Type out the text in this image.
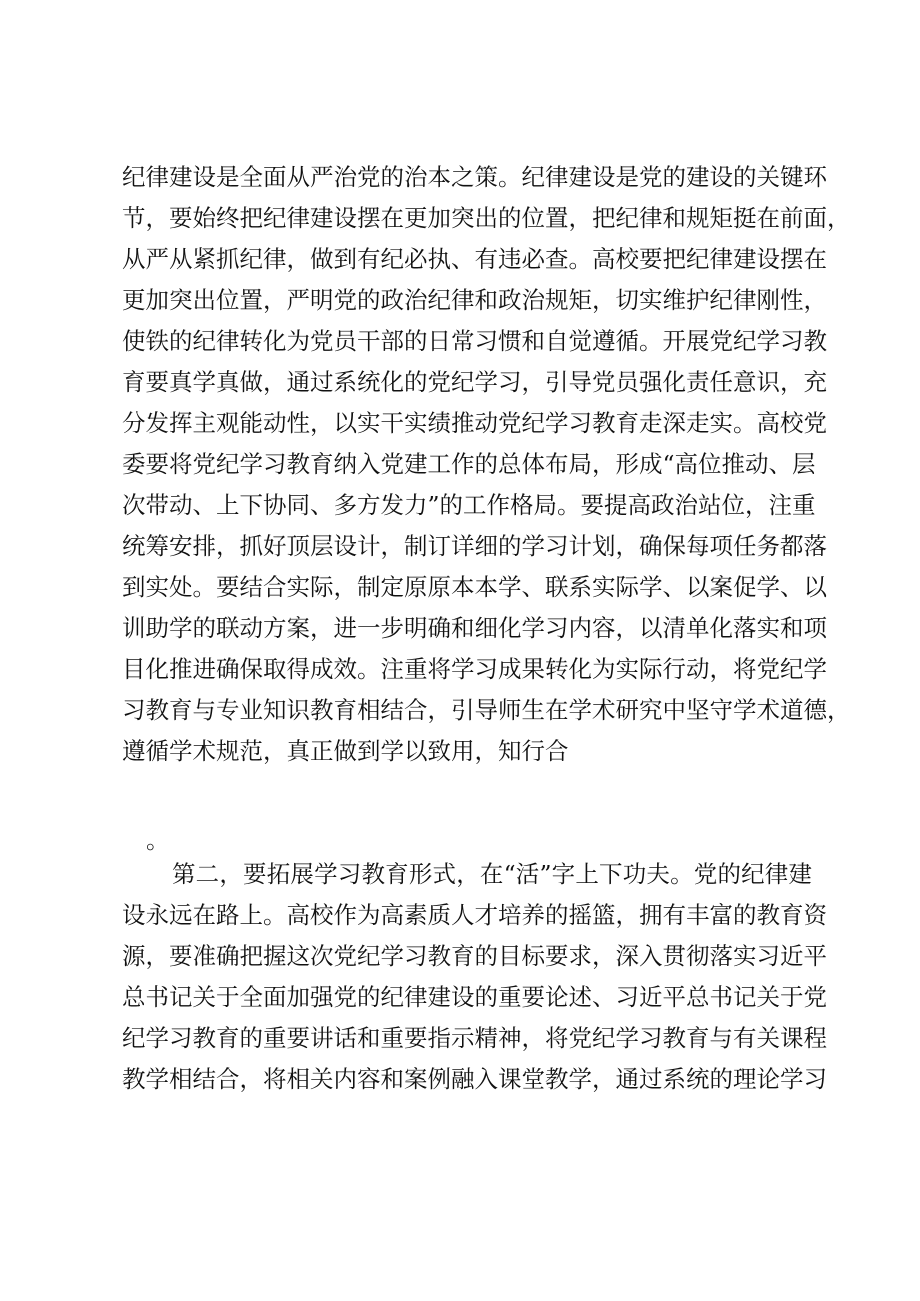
纪律建设是全面从严治党的治本之策。纪律建设是党的建设的关键环
节，要始终把纪律建设摆在更加突出的位置，把纪律和规矩挺在前面，
从严从紧抓纪律，做到有纪必执、有违必查。高校要把纪律建设摆在
更加突出位置，严明党的政治纪律和政治规矩，切实维护纪律刚性，
使铁的纪律转化为党员干部的日常习惯和自觉遵循。开展党纪学习教
育要真学真做，通过系统化的党纪学习，引导党员强化责任意识，充
分发挥主观能动性，以实干实绩推动党纪学习教育走深走实。高校党
委要将党纪学习教育纳入党建工作的总体布局，形成“高位推动、层
次带动、上下协同、多方发力”的工作格局。要提高政治站位，注重
统筹安排，抓好顶层设计，制订详细的学习计划，确保每项任务都落
到实处。要结合实际，制定原原本本学、联系实际学、以案促学、以
训助学的联动方案，进一步明确和细化学习内容，以清单化落实和项
目化推进确保取得成效。注重将学习成果转化为实际行动，将党纪学
习教育与专业知识教育相结合，引导师生在学术研究中坚守学术道德，
遵循学术规范，真正做到学以致用，知行合
。
第二，要拓展学习教育形式，在“活”字上下功夫。党的纪律建
设永远在路上。高校作为高素质人才培养的摇篮，拥有丰富的教育资
源，要准确把握这次党纪学习教育的目标要求，深入贯彻落实习近平
总书记关于全面加强党的纪律建设的重要论述、习近平总书记关于党
纪学习教育的重要讲话和重要指示精神，将党纪学习教育与有关课程
教学相结合，将相关内容和案例融入课堂教学，通过系统的理论学习
